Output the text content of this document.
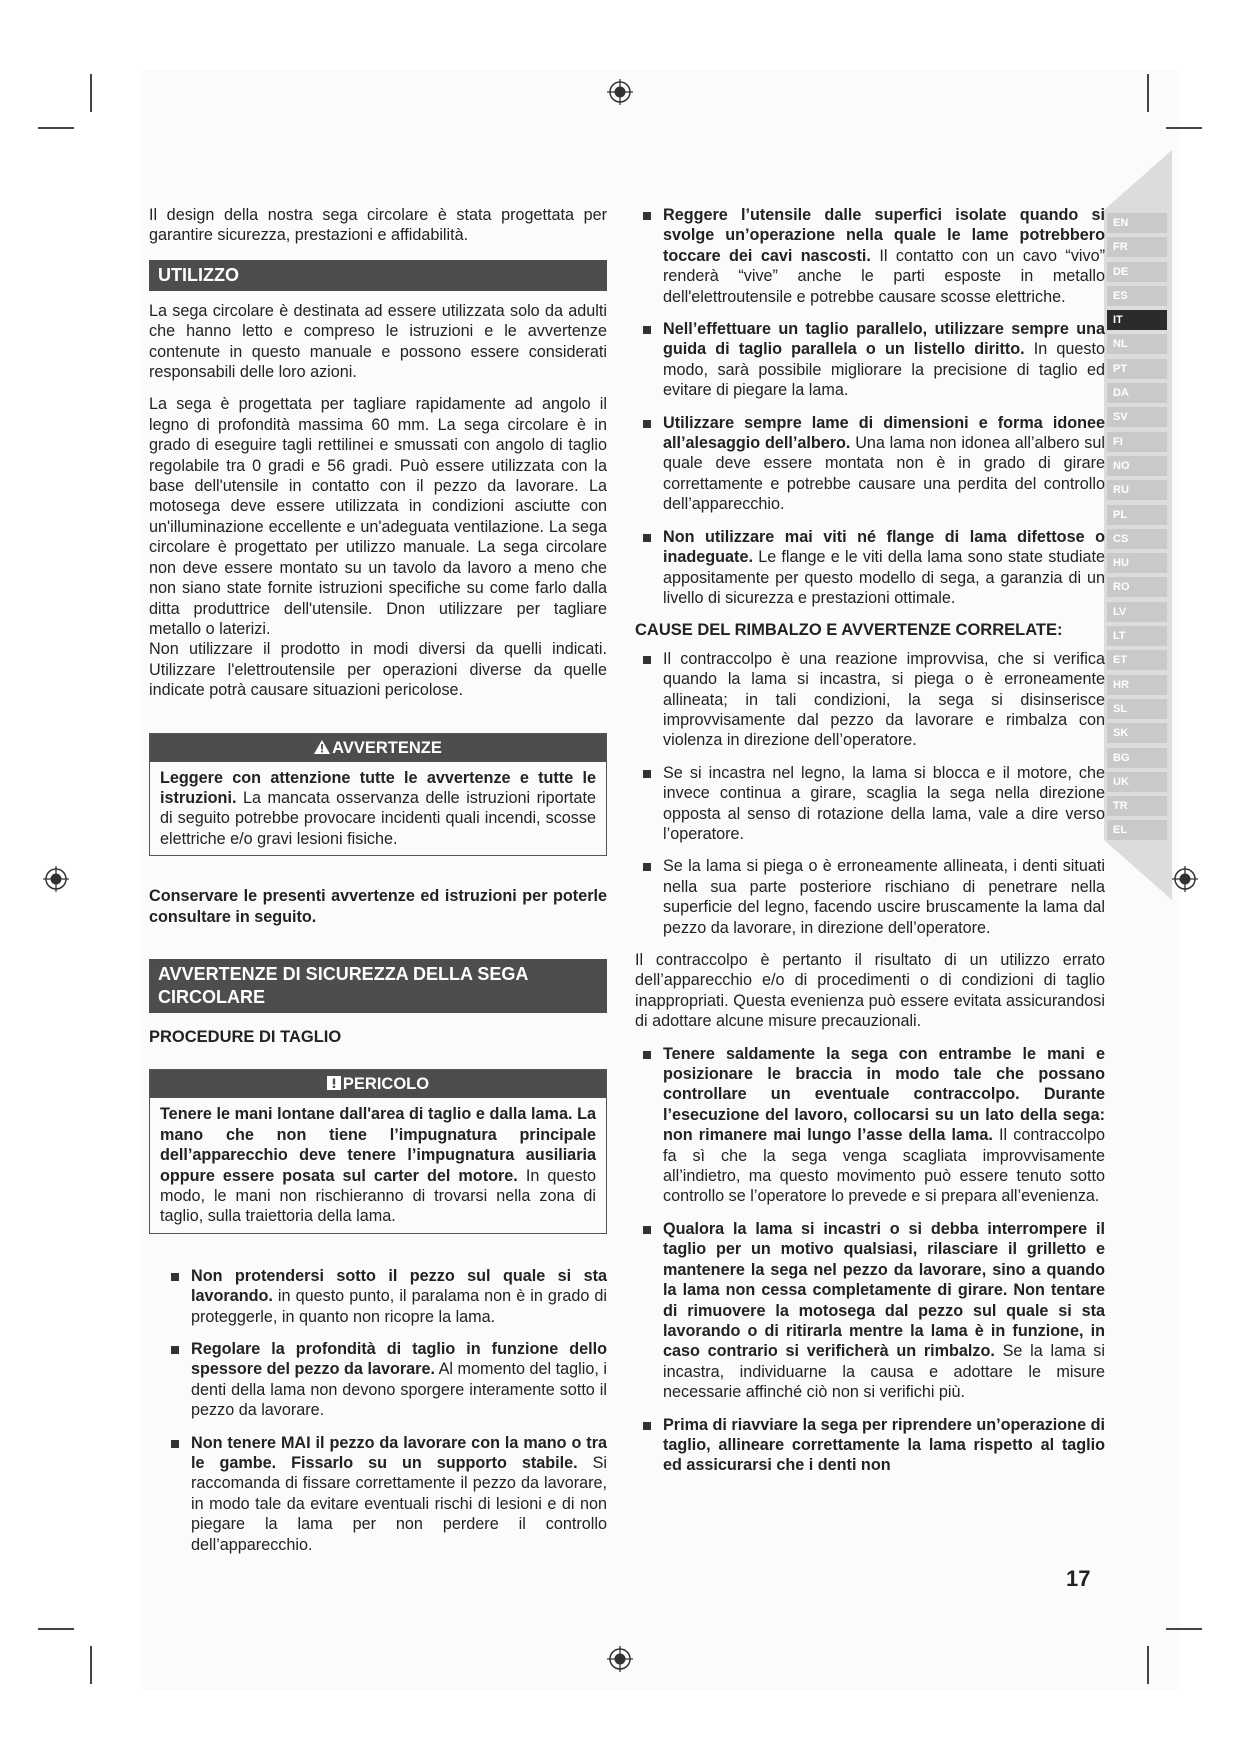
EN
FR
DE
ES
IT
NL
PT
DA
SV
FI
NO
RU
PL
CS
HU
RO
LV
LT
ET
HR
SL
SK
BG
UK
TR
EL

Il design della nostra sega circolare è stata progettata per garantire sicurezza, prestazioni e affidabilità.

UTILIZZO

La sega circolare è destinata ad essere utilizzata solo da adulti che hanno letto e compreso le istruzioni e le avvertenze contenute in questo manuale e possono essere considerati responsabili delle loro azioni.

La sega è progettata per tagliare rapidamente ad angolo il legno di profondità massima 60 mm. La sega circolare è in grado di eseguire tagli rettilinei e smussati con angolo di taglio regolabile tra 0 gradi e 56 gradi. Può essere utilizzata con la base dell'utensile in contatto con il pezzo da lavorare. La motosega deve essere utilizzata in condizioni asciutte con un'illuminazione eccellente e un'adeguata ventilazione. La sega circolare è progettato per utilizzo manuale. La sega circolare non deve essere montato su un tavolo da lavoro a meno che non siano state fornite istruzioni specifiche su come farlo dalla ditta produttrice dell'utensile. Dnon utilizzare per tagliare metallo o laterizi.

Non utilizzare il prodotto in modi diversi da quelli indicati. Utilizzare l'elettroutensile per operazioni diverse da quelle indicate potrà causare situazioni pericolose.

AVVERTENZE
Leggere con attenzione tutte le avvertenze e tutte le istruzioni. La mancata osservanza delle istruzioni riportate di seguito potrebbe provocare incidenti quali incendi, scosse elettriche e/o gravi lesioni fisiche.

Conservare le presenti avvertenze ed istruzioni per poterle consultare in seguito.

AVVERTENZE DI SICUREZZA DELLA SEGA CIRCOLARE
PROCEDURE DI TAGLIO
PERICOLO
Tenere le mani lontane dall'area di taglio e dalla lama. La mano che non tiene l’impugnatura principale dell’apparecchio deve tenere l’impugnatura ausiliaria oppure essere posata sul carter del motore. In questo modo, le mani non rischieranno di trovarsi nella zona di taglio, sulla traiettoria della lama.
Non protendersi sotto il pezzo sul quale si sta lavorando. in questo punto, il paralama non è in grado di proteggerle, in quanto non ricopre la lama.
Regolare la profondità di taglio in funzione dello spessore del pezzo da lavorare. Al momento del taglio, i denti della lama non devono sporgere interamente sotto il pezzo da lavorare.
Non tenere MAI il pezzo da lavorare con la mano o tra le gambe. Fissarlo su un supporto stabile. Si raccomanda di fissare correttamente il pezzo da lavorare, in modo tale da evitare eventuali rischi di lesioni e di non piegare la lama per non perdere il controllo dell’apparecchio.
Reggere l’utensile dalle superfici isolate quando si svolge un’operazione nella quale le lame potrebbero toccare dei cavi nascosti. Il contatto con un cavo “vivo” renderà “vive” anche le parti esposte in metallo dell'elettroutensile e potrebbe causare scosse elettriche.
Nell’effettuare un taglio parallelo, utilizzare sempre una guida di taglio parallela o un listello diritto. In questo modo, sarà possibile migliorare la precisione di taglio ed evitare di piegare la lama.
Utilizzare sempre lame di dimensioni e forma idonee all’alesaggio dell’albero. Una lama non idonea all’albero sul quale deve essere montata non è in grado di girare correttamente e potrebbe causare una perdita del controllo dell’apparecchio.
Non utilizzare mai viti né flange di lama difettose o inadeguate. Le flange e le viti della lama sono state studiate appositamente per questo modello di sega, a garanzia di un livello di sicurezza e prestazioni ottimale.
CAUSE DEL RIMBALZO E AVVERTENZE CORRELATE:
Il contraccolpo è una reazione improvvisa, che si verifica quando la lama si incastra, si piega o è erroneamente allineata; in tali condizioni, la sega si disinserisce improvvisamente dal pezzo da lavorare e rimbalza con violenza in direzione dell’operatore.
Se si incastra nel legno, la lama si blocca e il motore, che invece continua a girare, scaglia la sega nella direzione opposta al senso di rotazione della lama, vale a dire verso l’operatore.
Se la lama si piega o è erroneamente allineata, i denti situati nella sua parte posteriore rischiano di penetrare nella superficie del legno, facendo uscire bruscamente la lama dal pezzo da lavorare, in direzione dell’operatore.

Il contraccolpo è pertanto il risultato di un utilizzo errato dell’apparecchio e/o di procedimenti o di condizioni di taglio inappropriati. Questa evenienza può essere evitata assicurandosi di adottare alcune misure precauzionali.

Tenere saldamente la sega con entrambe le mani e posizionare le braccia in modo tale che possano controllare un eventuale contraccolpo. Durante l’esecuzione del lavoro, collocarsi su un lato della sega: non rimanere mai lungo l’asse della lama. Il contraccolpo fa sì che la sega venga scagliata improvvisamente all’indietro, ma questo movimento può essere tenuto sotto controllo se l’operatore lo prevede e si prepara all’evenienza.
Qualora la lama si incastri o si debba interrompere il taglio per un motivo qualsiasi, rilasciare il grilletto e mantenere la sega nel pezzo da lavorare, sino a quando la lama non cessa completamente di girare. Non tentare di rimuovere la motosega dal pezzo sul quale si sta lavorando o di ritirarla mentre la lama è in funzione, in caso contrario si verificherà un rimbalzo. Se la lama si incastra, individuarne la causa e adottare le misure necessarie affinché ciò non si verifichi più.
Prima di riavviare la sega per riprendere un’operazione di taglio, allineare correttamente la lama rispetto al taglio ed assicurarsi che i denti non
17
